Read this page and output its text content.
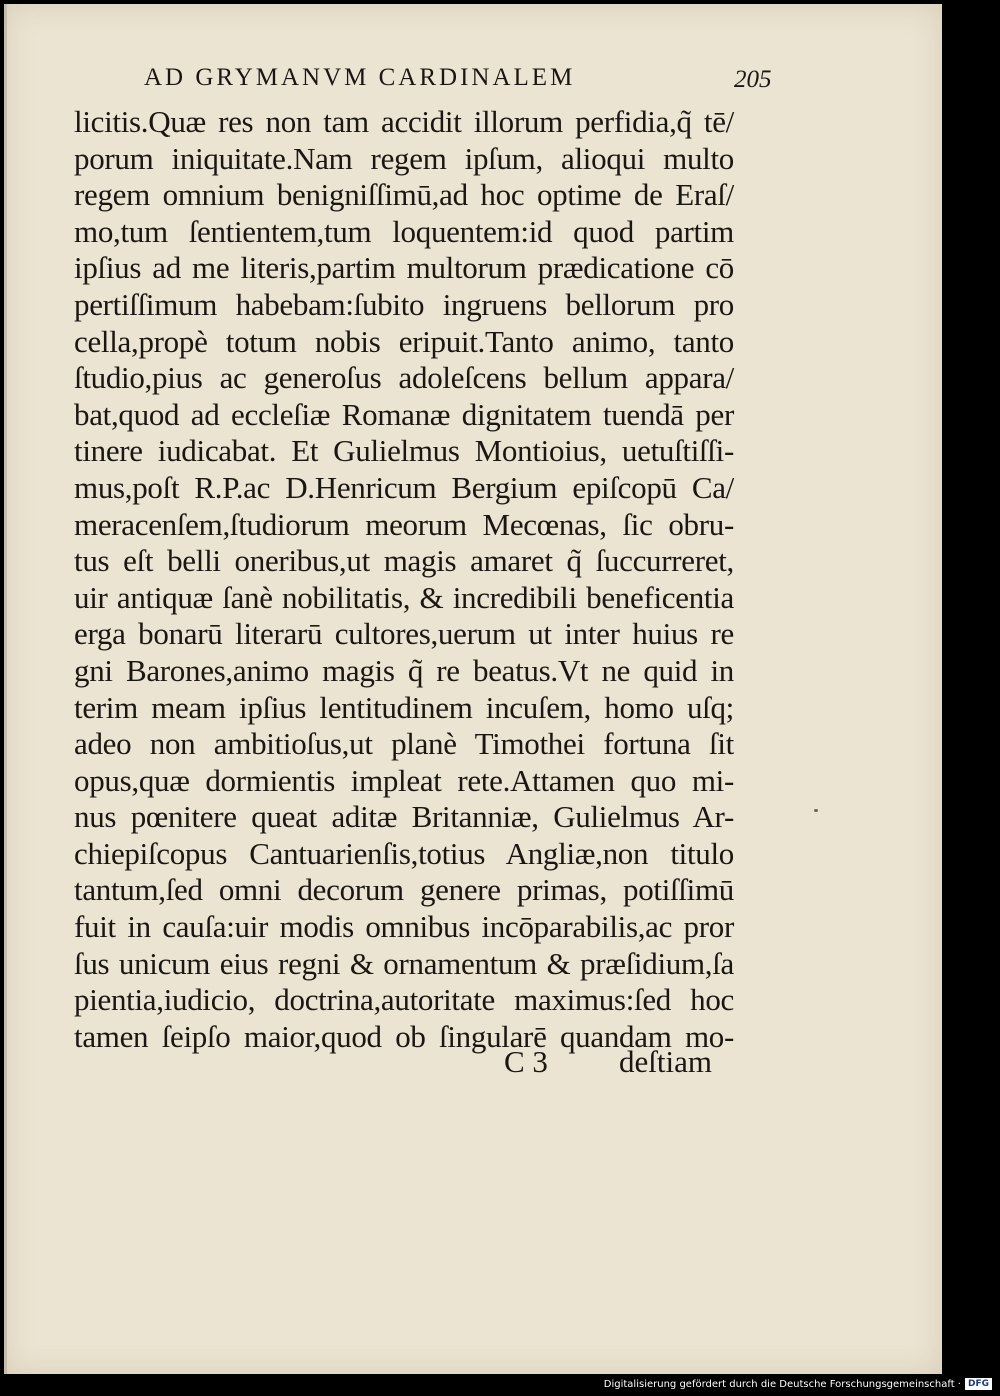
AD GRYMANVM CARDINALEM	205
licitis.Quæ res non tam accidit illorum perfidia,q̃ tē/
porum iniquitate.Nam regem ipſum, alioqui multo
regem omnium benigniſſimū,ad hoc optime de Eraſ/
mo,tum ſentientem,tum loquentem:id quod partim
ipſius ad me literis,partim multorum prædicatione cō
pertiſſimum habebam:ſubito ingruens bellorum pro
cella,propè totum nobis eripuit.Tanto animo, tanto
ſtudio,pius ac generoſus adoleſcens bellum appara/
bat,quod ad eccleſiæ Romanæ dignitatem tuendā per
tinere iudicabat. Et Gulielmus Montioius, uetuſtiſſi-
mus,poſt R.P.ac D.Henricum Bergium epiſcopū Ca/
meracenſem,ſtudiorum meorum Mecœnas, ſic obru-
tus eſt belli oneribus,ut magis amaret q̃ ſuccurreret,
uir antiquæ ſanè nobilitatis, & incredibili beneficentia
erga bonarū literarū cultores,uerum ut inter huius re
gni Barones,animo magis q̃ re beatus.Vt ne quid in
terim meam ipſius lentitudinem incuſem, homo uſq;
adeo non ambitioſus,ut planè Timothei fortuna ſit
opus,quæ dormientis impleat rete.Attamen quo mi-
nus pœnitere queat aditæ Britanniæ, Gulielmus Ar-
chiepiſcopus Cantuarienſis,totius Angliæ,non titulo
tantum,ſed omni decorum genere primas, potiſſimū
fuit in cauſa:uir modis omnibus incōparabilis,ac pror
ſus unicum eius regni & ornamentum & præſidium,ſa
pientia,iudicio, doctrina,autoritate maximus:ſed hoc
tamen ſeipſo maior,quod ob ſingularē quandam mo-
C 3 deſtiam
Digitalisierung gefördert durch die Deutsche Forschungsgemeinschaft · DFG
